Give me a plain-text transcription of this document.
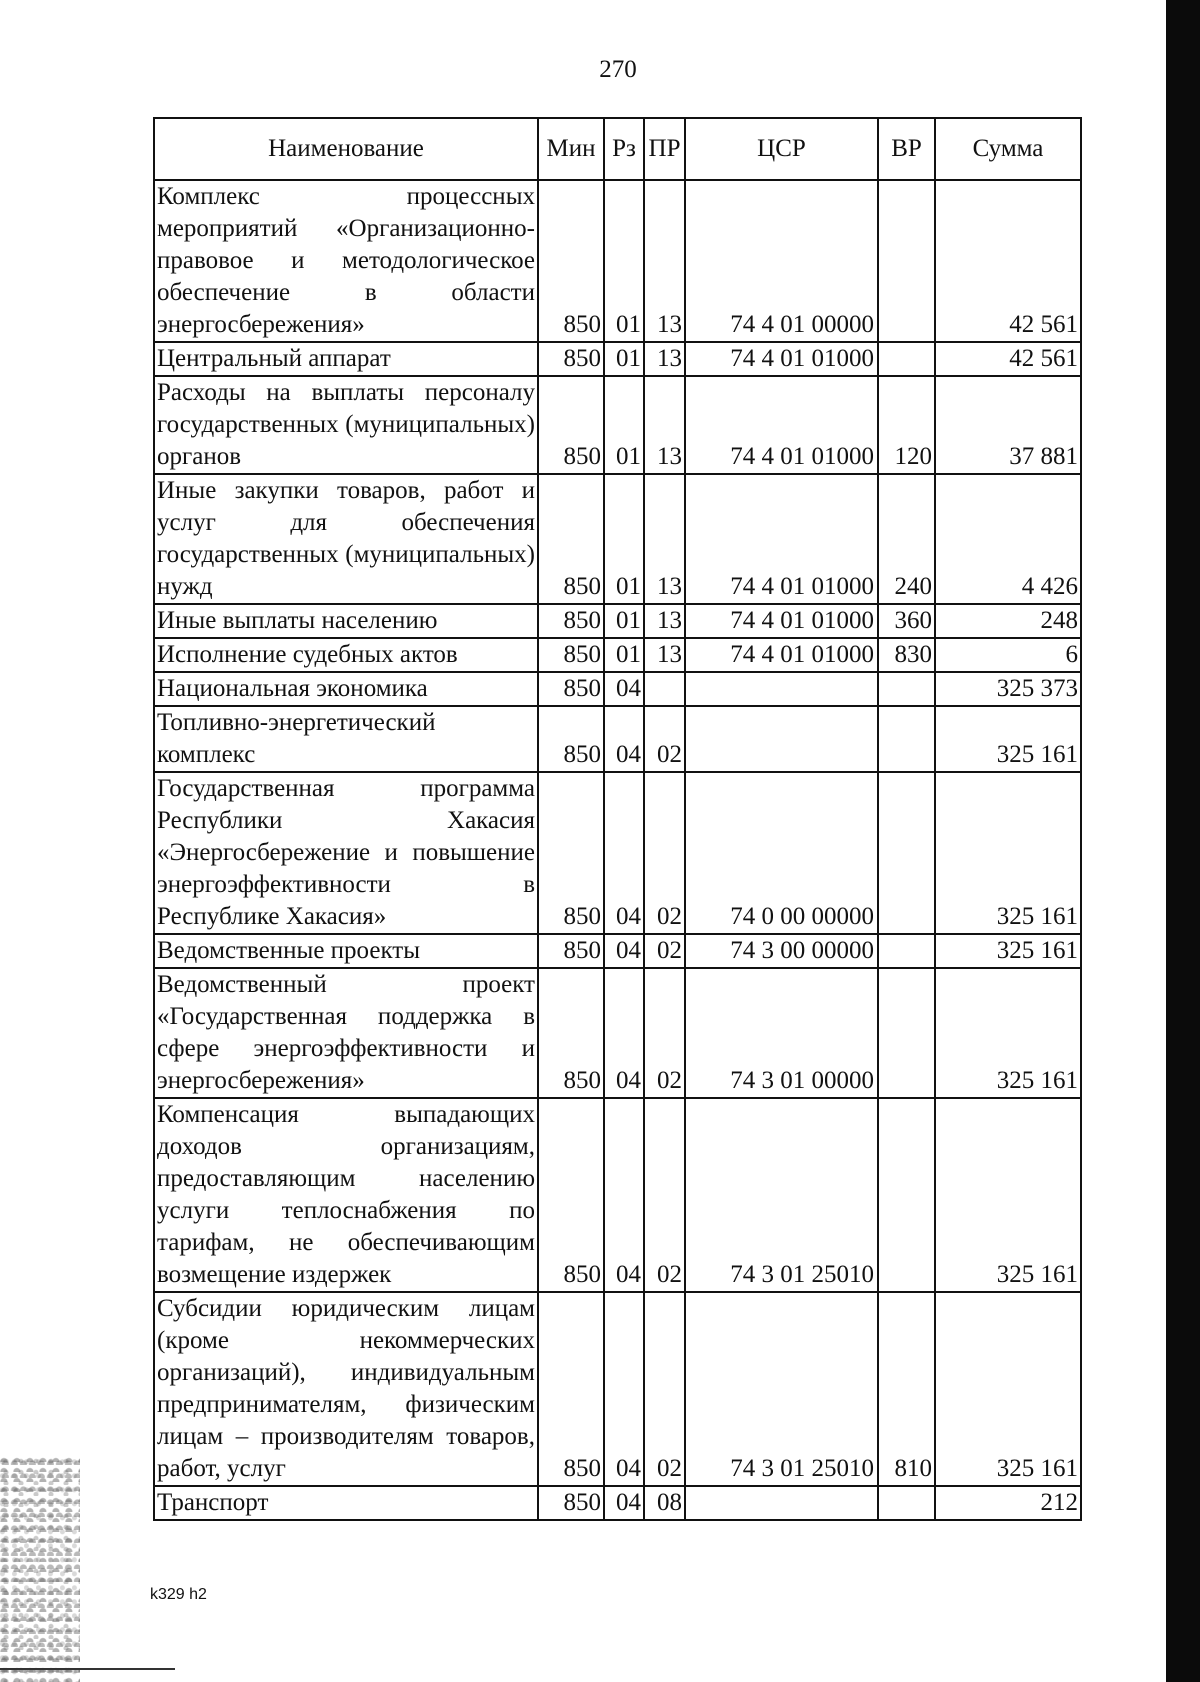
270
Наименование	Мин	Рз	ПР	ЦСР	ВР	Сумма
Комплекс процессных мероприятий «Организационно-правовое и методологическое обеспечение в области энергосбережения»	850	01	13	74 4 01 00000		42 561
Центральный аппарат	850	01	13	74 4 01 01000		42 561
Расходы на выплаты персоналу государственных (муниципальных) органов	850	01	13	74 4 01 01000	120	37 881
Иные закупки товаров, работ и услуг для обеспечения государственных (муниципальных) нужд	850	01	13	74 4 01 01000	240	4 426
Иные выплаты населению	850	01	13	74 4 01 01000	360	248
Исполнение судебных актов	850	01	13	74 4 01 01000	830	6
Национальная экономика	850	04				325 373
Топливно-энергетический комплекс	850	04	02			325 161
Государственная программа Республики Хакасия «Энергосбережение и повышение энергоэффективности в Республике Хакасия»	850	04	02	74 0 00 00000		325 161
Ведомственные проекты	850	04	02	74 3 00 00000		325 161
Ведомственный проект «Государственная поддержка в сфере энергоэффективности и энергосбережения»	850	04	02	74 3 01 00000		325 161
Компенсация выпадающих доходов организациям, предоставляющим населению услуги теплоснабжения по тарифам, не обеспечивающим возмещение издержек	850	04	02	74 3 01 25010		325 161
Субсидии юридическим лицам (кроме некоммерческих организаций), индивидуальным предпринимателям, физическим лицам – производителям товаров, работ, услуг	850	04	02	74 3 01 25010	810	325 161
Транспорт	850	04	08			212
k329 h2
